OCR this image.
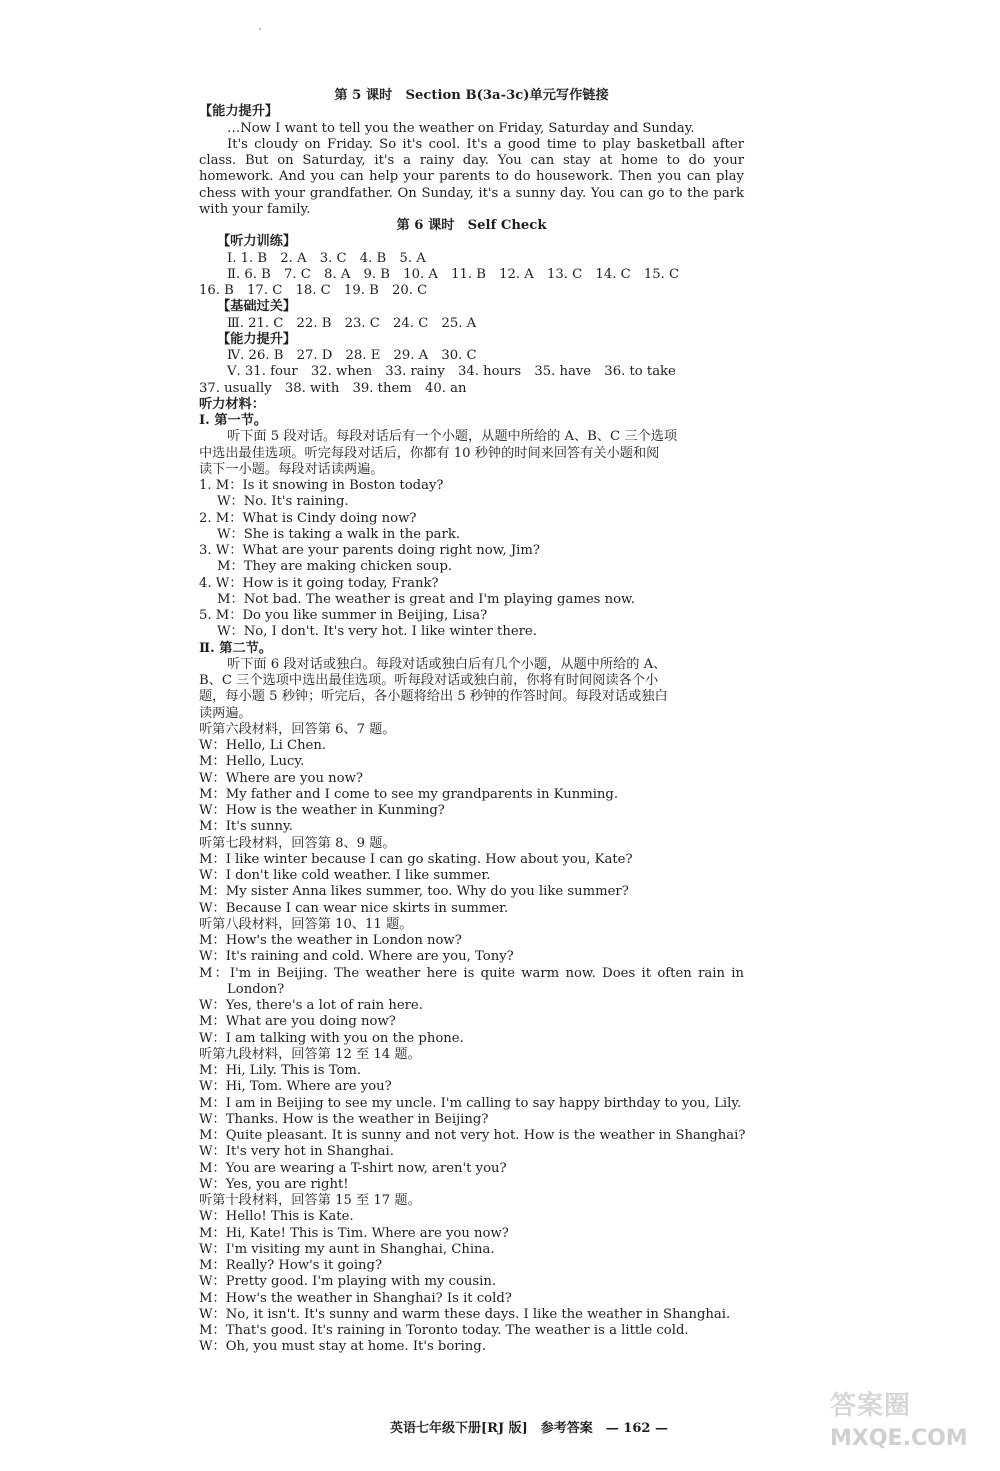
第 5 课时　Section B(3a-3c)单元写作链接
【能力提升】
…Now I want to tell you the weather on Friday, Saturday and Sunday.
It's cloudy on Friday. So it's cool. It's a good time to play basketball after
class. But on Saturday, it's a rainy day. You can stay at home to do your
homework. And you can help your parents to do housework. Then you can play
chess with your grandfather. On Sunday, it's a sunny day. You can go to the park
with your family.
第 6 课时　Self Check
【听力训练】
Ⅰ. 1. B　2. A　3. C　4. B　5. A
Ⅱ. 6. B　7. C　8. A　9. B　10. A　11. B　12. A　13. C　14. C　15. C
16. B　17. C　18. C　19. B　20. C
【基础过关】
Ⅲ. 21. C　22. B　23. C　24. C　25. A
【能力提升】
Ⅳ. 26. B　27. D　28. E　29. A　30. C
Ⅴ. 31. four　32. when　33. rainy　34. hours　35. have　36. to take
37. usually　38. with　39. them　40. an
听力材料：
Ⅰ. 第一节。
听下面 5 段对话。每段对话后有一个小题，从题中所给的 A、B、C 三个选项
中选出最佳选项。听完每段对话后，你都有 10 秒钟的时间来回答有关小题和阅
读下一小题。每段对话读两遍。
1. M：Is it snowing in Boston today?
W：No. It's raining.
2. M：What is Cindy doing now?
W：She is taking a walk in the park.
3. W：What are your parents doing right now, Jim?
M：They are making chicken soup.
4. W：How is it going today, Frank?
M：Not bad. The weather is great and I'm playing games now.
5. M：Do you like summer in Beijing, Lisa?
W：No, I don't. It's very hot. I like winter there.
Ⅱ. 第二节。
听下面 6 段对话或独白。每段对话或独白后有几个小题，从题中所给的 A、
B、C 三个选项中选出最佳选项。听每段对话或独白前，你将有时间阅读各个小
题，每小题 5 秒钟；听完后，各小题将给出 5 秒钟的作答时间。每段对话或独白
读两遍。
听第六段材料，回答第 6、7 题。
W：Hello, Li Chen.
M：Hello, Lucy.
W：Where are you now?
M：My father and I come to see my grandparents in Kunming.
W：How is the weather in Kunming?
M：It's sunny.
听第七段材料，回答第 8、9 题。
M：I like winter because I can go skating. How about you, Kate?
W：I don't like cold weather. I like summer.
M：My sister Anna likes summer, too. Why do you like summer?
W：Because I can wear nice skirts in summer.
听第八段材料，回答第 10、11 题。
M：How's the weather in London now?
W：It's raining and cold. Where are you, Tony?
M：I'm in Beijing. The weather here is quite warm now. Does it often rain in
London?
W：Yes, there's a lot of rain here.
M：What are you doing now?
W：I am talking with you on the phone.
听第九段材料，回答第 12 至 14 题。
M：Hi, Lily. This is Tom.
W：Hi, Tom. Where are you?
M：I am in Beijing to see my uncle. I'm calling to say happy birthday to you, Lily.
W：Thanks. How is the weather in Beijing?
M：Quite pleasant. It is sunny and not very hot. How is the weather in Shanghai?
W：It's very hot in Shanghai.
M：You are wearing a T-shirt now, aren't you?
W：Yes, you are right!
听第十段材料，回答第 15 至 17 题。
W：Hello! This is Kate.
M：Hi, Kate! This is Tim. Where are you now?
W：I'm visiting my aunt in Shanghai, China.
M：Really? How's it going?
W：Pretty good. I'm playing with my cousin.
M：How's the weather in Shanghai? Is it cold?
W：No, it isn't. It's sunny and warm these days. I like the weather in Shanghai.
M：That's good. It's raining in Toronto today. The weather is a little cold.
W：Oh, you must stay at home. It's boring.
英语七年级下册[RJ 版]　参考答案　— 162 —
答案圈
MXQE.COM
